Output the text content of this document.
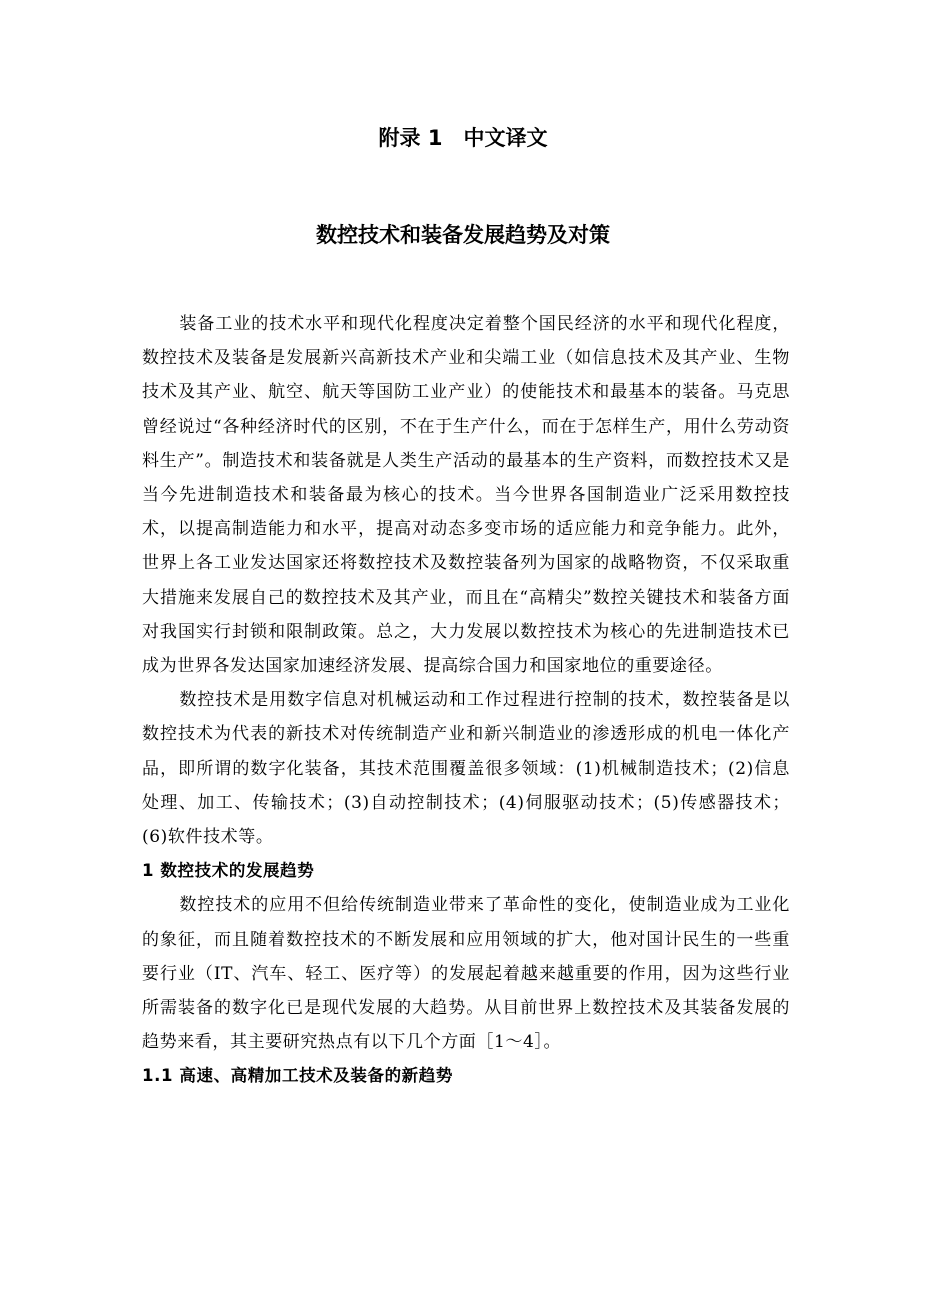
附录 1　中文译文
数控技术和装备发展趋势及对策

装备工业的技术水平和现代化程度决定着整个国民经济的水平和现代化程度，数控技术及装备是发展新兴高新技术产业和尖端工业（如信息技术及其产业、生物技术及其产业、航空、航天等国防工业产业）的使能技术和最基本的装备。马克思曾经说过“各种经济时代的区别，不在于生产什么，而在于怎样生产，用什么劳动资料生产”。制造技术和装备就是人类生产活动的最基本的生产资料，而数控技术又是当今先进制造技术和装备最为核心的技术。当今世界各国制造业广泛采用数控技术，以提高制造能力和水平，提高对动态多变市场的适应能力和竞争能力。此外，世界上各工业发达国家还将数控技术及数控装备列为国家的战略物资，不仅采取重大措施来发展自己的数控技术及其产业，而且在“高精尖”数控关键技术和装备方面对我国实行封锁和限制政策。总之，大力发展以数控技术为核心的先进制造技术已成为世界各发达国家加速经济发展、提高综合国力和国家地位的重要途径。

数控技术是用数字信息对机械运动和工作过程进行控制的技术，数控装备是以数控技术为代表的新技术对传统制造产业和新兴制造业的渗透形成的机电一体化产品，即所谓的数字化装备，其技术范围覆盖很多领域：(1)机械制造技术；(2)信息处理、加工、传输技术；(3)自动控制技术；(4)伺服驱动技术；(5)传感器技术；(6)软件技术等。

1 数控技术的发展趋势

数控技术的应用不但给传统制造业带来了革命性的变化，使制造业成为工业化的象征，而且随着数控技术的不断发展和应用领域的扩大，他对国计民生的一些重要行业（IT、汽车、轻工、医疗等）的发展起着越来越重要的作用，因为这些行业所需装备的数字化已是现代发展的大趋势。从目前世界上数控技术及其装备发展的趋势来看，其主要研究热点有以下几个方面［1～4］。

1.1 高速、高精加工技术及装备的新趋势
